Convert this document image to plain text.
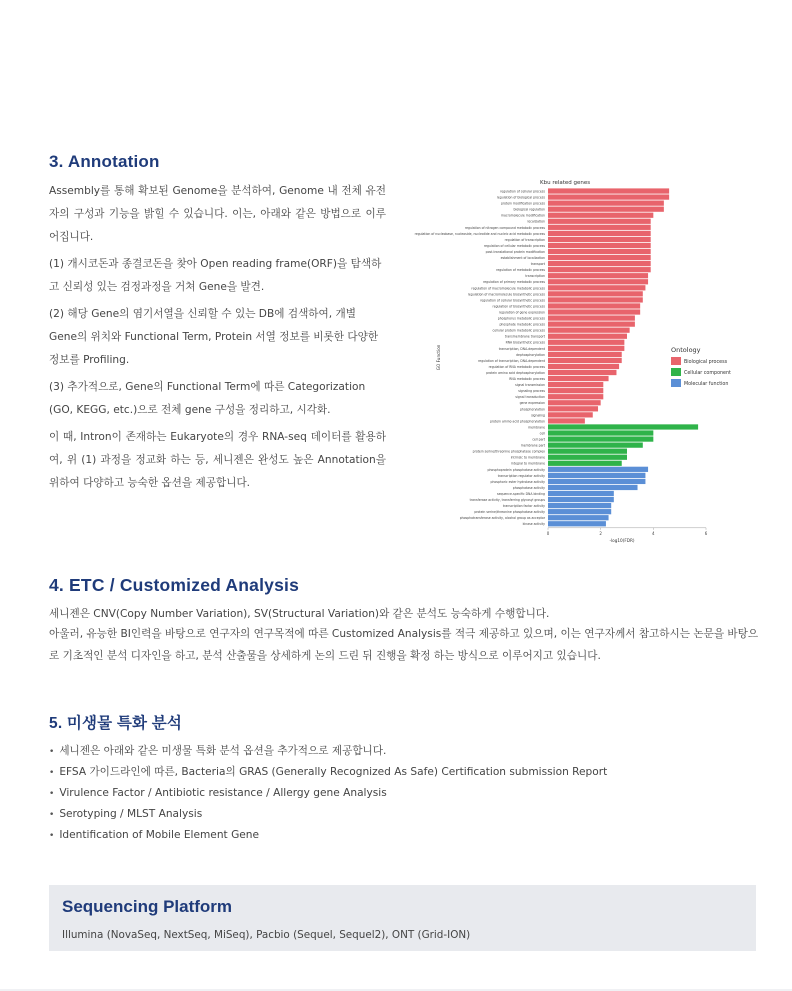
3. Annotation

Assembly를 통해 확보된 Genome을 분석하여, Genome 내 전체 유전자의 구성과 기능을 밝힐 수 있습니다. 이는, 아래와 같은 방법으로 이루어집니다.

(1) 개시코돈과 종결코돈을 찾아 Open reading frame(ORF)을 탐색하고 신뢰성 있는 검정과정을 거쳐 Gene을 발견.

(2) 해당 Gene의 염기서열을 신뢰할 수 있는 DB에 검색하여, 개별 Gene의 위치와 Functional Term, Protein 서열 정보를 비롯한 다양한 정보를 Profiling.

(3) 추가적으로, Gene의 Functional Term에 따른 Categorization (GO, KEGG, etc.)으로 전체 gene 구성을 정리하고, 시각화.

이 때, Intron이 존재하는 Eukaryote의 경우 RNA-seq 데이터를 활용하여, 위 (1) 과정을 정교화 하는 등, 세니젠은 완성도 높은 Annotation을 위하여 다양하고 능숙한 옵션을 제공합니다.

Kbu related genes
regulation of cellular process
regulation of biological process
protein modification process
biological regulation
macromolecule modification
localization
regulation of nitrogen compound metabolic process
regulation of nucleobase, nucleoside, nucleotide and nucleic acid metabolic process
regulation of transcription
regulation of cellular metabolic process
post-translational protein modification
establishment of localization
transport
regulation of metabolic process
transcription
regulation of primary metabolic process
regulation of macromolecule metabolic process
regulation of macromolecule biosynthetic process
regulation of cellular biosynthetic process
regulation of biosynthetic process
regulation of gene expression
phosphorus metabolic process
phosphate metabolic process
cellular protein metabolic process
transmembrane transport
RNA biosynthetic process
transcription, DNA-dependent
dephosphorylation
regulation of transcription, DNA-dependent
regulation of RNA metabolic process
protein amino acid dephosphorylation
RNA metabolic process
signal transmission
signaling process
signal transduction
gene expression
phosphorylation
signaling
protein amino acid phosphorylation
membrane
cell
cell part
membrane part
protein serine/threonine phosphatase complex
intrinsic to membrane
integral to membrane
phosphoprotein phosphatase activity
transcription regulator activity
phosphoric ester hydrolase activity
phosphatase activity
sequence-specific DNA binding
transferase activity, transferring glycosyl groups
transcription factor activity
protein serine/threonine phosphatase activity
phosphotransferase activity, alcohol group as acceptor
kinase activity
0	2	4	6
-log10(FDR)
GO Function	Ontology
Biological process
Cellular component
Molecular function
4. ETC / Customized Analysis

세니젠은 CNV(Copy Number Variation), SV(Structural Variation)와 같은 분석도 능숙하게 수행합니다.

아울러, 유능한 BI인력을 바탕으로 연구자의 연구목적에 따른 Customized Analysis를 적극 제공하고 있으며, 이는 연구자께서 참고하시는 논문을 바탕으로 기초적인 분석 디자인을 하고, 분석 산출물을 상세하게 논의 드린 뒤 진행을 확정 하는 방식으로 이루어지고 있습니다.

5. 미생물 특화 분석
• 세니젠은 아래와 같은 미생물 특화 분석 옵션을 추가적으로 제공합니다.
• EFSA 가이드라인에 따른, Bacteria의 GRAS (Generally Recognized As Safe) Certification submission Report
• Virulence Factor / Antibiotic resistance / Allergy gene Analysis
• Serotyping / MLST Analysis
• Identification of Mobile Element Gene
Sequencing Platform

Illumina (NovaSeq, NextSeq, MiSeq), Pacbio (Sequel, Sequel2), ONT (Grid-ION)
